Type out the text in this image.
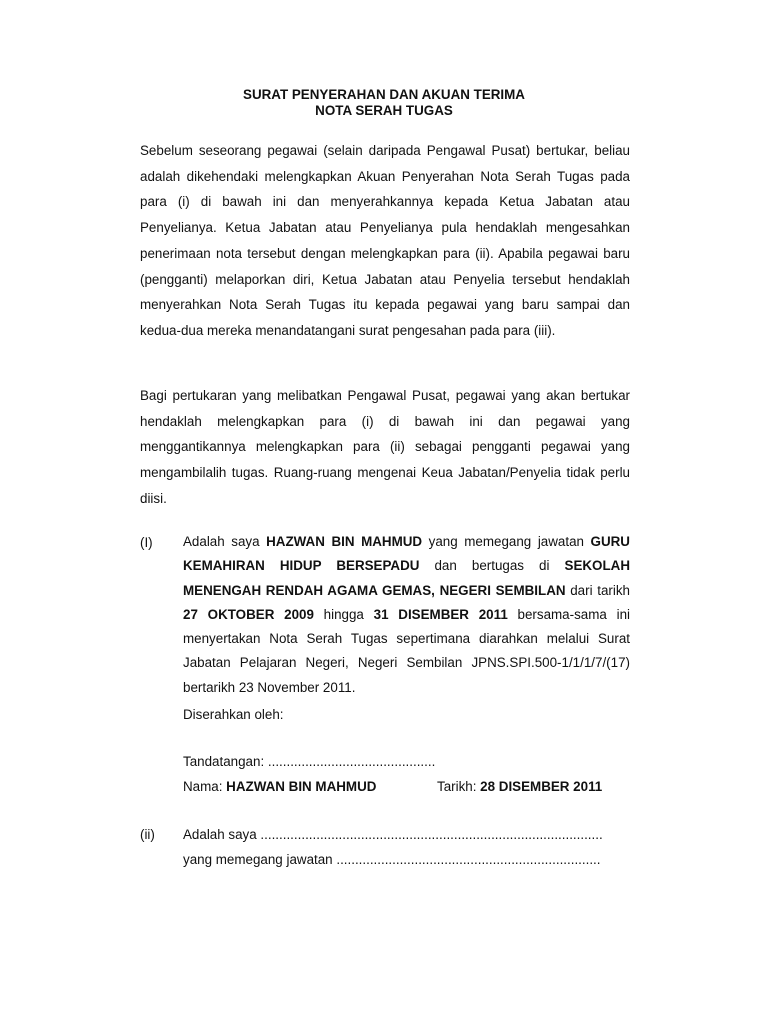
SURAT PENYERAHAN DAN AKUAN TERIMA
NOTA SERAH TUGAS

Sebelum seseorang pegawai (selain daripada Pengawal Pusat) bertukar, beliau adalah dikehendaki melengkapkan Akuan Penyerahan Nota Serah Tugas pada para (i) di bawah ini dan menyerahkannya kepada Ketua Jabatan atau Penyelianya. Ketua Jabatan atau Penyelianya pula hendaklah mengesahkan penerimaan nota tersebut dengan melengkapkan para (ii). Apabila pegawai baru (pengganti) melaporkan diri, Ketua Jabatan atau Penyelia tersebut hendaklah menyerahkan Nota Serah Tugas itu kepada pegawai yang baru sampai dan kedua-dua mereka menandatangani surat pengesahan pada para (iii).

Bagi pertukaran yang melibatkan Pengawal Pusat, pegawai yang akan bertukar hendaklah melengkapkan para (i) di bawah ini dan pegawai yang menggantikannya melengkapkan para (ii) sebagai pengganti pegawai yang mengambilalih tugas. Ruang-ruang mengenai Keua Jabatan/Penyelia tidak perlu diisi.

(I) Adalah saya HAZWAN BIN MAHMUD yang memegang jawatan GURU KEMAHIRAN HIDUP BERSEPADU dan bertugas di SEKOLAH MENENGAH RENDAH AGAMA GEMAS, NEGERI SEMBILAN dari tarikh 27 OKTOBER 2009 hingga 31 DISEMBER 2011 bersama-sama ini menyertakan Nota Serah Tugas sepertimana diarahkan melalui Surat Jabatan Pelajaran Negeri, Negeri Sembilan JPNS.SPI.500-1/1/1/7/(17) bertarikh 23 November 2011.

Diserahkan oleh:
Tandatangan: .............................................
Nama: HAZWAN BIN MAHMUD	Tarikh: 28 DISEMBER 2011
(ii) Adalah saya ............................................................................................
yang memegang jawatan .......................................................................
